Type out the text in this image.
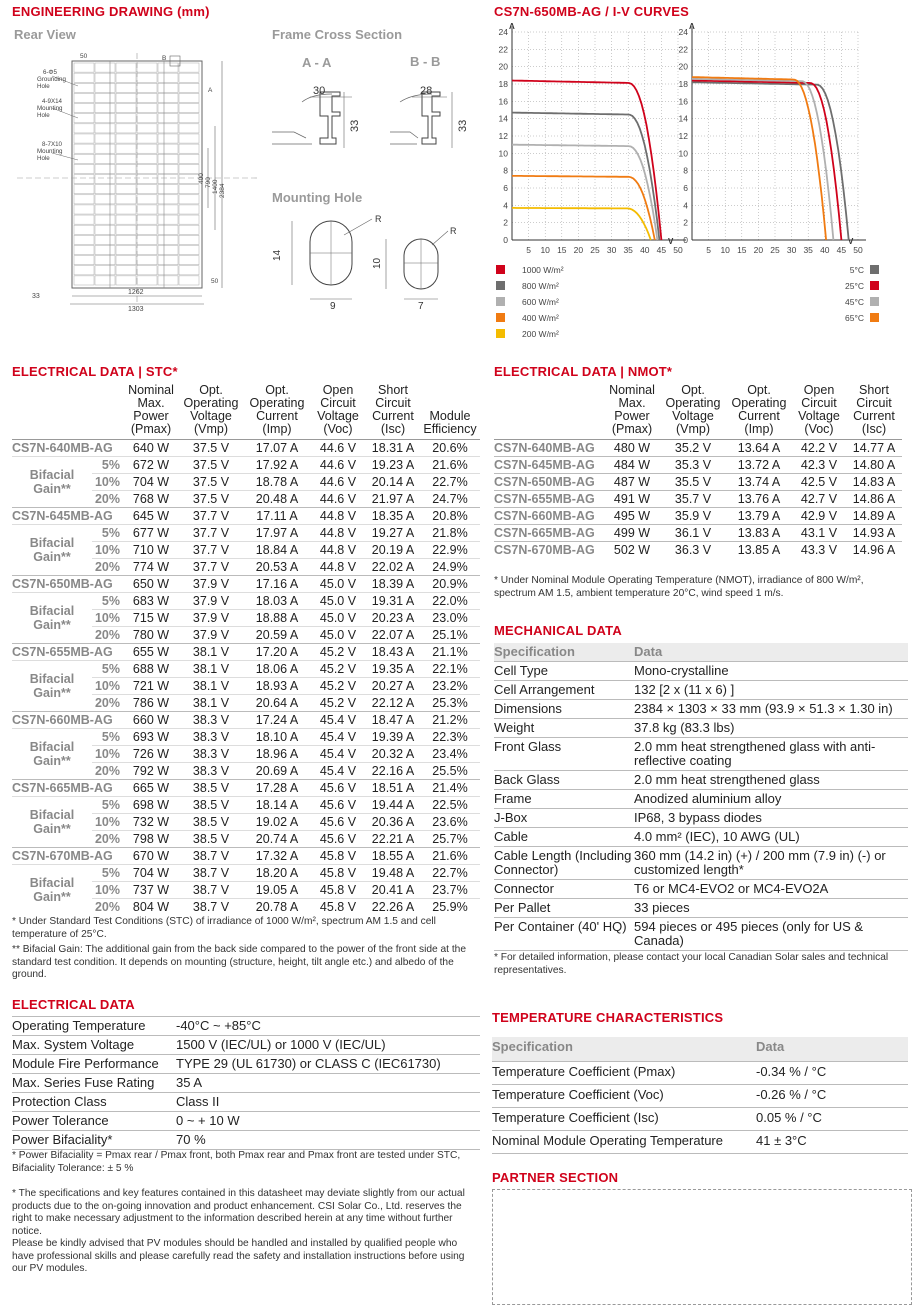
ENGINEERING DRAWING (mm)	CS7N-650MB-AG / I-V CURVES
Rear View	Frame Cross Section
A - A	B - B
Mounting Hole
50	B
A
33
1262
1303
50
2384
1400
790
400
6-Φ5
Grounding
Hole
4-9X14
Mounting
Hole
8-7X10
Mounting
Hole
30
33
28
33
14
9
R
10
7
R
0
2
4
6
8
10
12
14
16
18
20
22
24
5 10 15 20 25 30 35 40 45 50
A
V
1000 W/m²
800 W/m²
600 W/m²
400 W/m²
200 W/m²
0
2
4
6
8
10
12
14
16
18
20
22
24
5 10 15 20 25 30 35 40 45 50
A
V
5°C
25°C
45°C
65°C
ELECTRICAL DATA | STC*
		Nominal
Max.
Power
(Pmax)	Opt.
Operating
Voltage
(Vmp)	Opt.
Operating
Current
(Imp)	Open
Circuit
Voltage
(Voc)	Short
Circuit
Current
(Isc)	Module
Efficiency
CS7N-640MB-AG		640 W	37.5 V	17.07 A	44.6 V	18.31 A	20.6%
Bifacial
Gain**	5%	672 W	37.5 V	17.92 A	44.6 V	19.23 A	21.6%
	10%	704 W	37.5 V	18.78 A	44.6 V	20.14 A	22.7%
	20%	768 W	37.5 V	20.48 A	44.6 V	21.97 A	24.7%
CS7N-645MB-AG		645 W	37.7 V	17.11 A	44.8 V	18.35 A	20.8%
Bifacial
Gain**	5%	677 W	37.7 V	17.97 A	44.8 V	19.27 A	21.8%
	10%	710 W	37.7 V	18.84 A	44.8 V	20.19 A	22.9%
	20%	774 W	37.7 V	20.53 A	44.8 V	22.02 A	24.9%
CS7N-650MB-AG		650 W	37.9 V	17.16 A	45.0 V	18.39 A	20.9%
Bifacial
Gain**	5%	683 W	37.9 V	18.03 A	45.0 V	19.31 A	22.0%
	10%	715 W	37.9 V	18.88 A	45.0 V	20.23 A	23.0%
	20%	780 W	37.9 V	20.59 A	45.0 V	22.07 A	25.1%
CS7N-655MB-AG		655 W	38.1 V	17.20 A	45.2 V	18.43 A	21.1%
Bifacial
Gain**	5%	688 W	38.1 V	18.06 A	45.2 V	19.35 A	22.1%
	10%	721 W	38.1 V	18.93 A	45.2 V	20.27 A	23.2%
	20%	786 W	38.1 V	20.64 A	45.2 V	22.12 A	25.3%
CS7N-660MB-AG		660 W	38.3 V	17.24 A	45.4 V	18.47 A	21.2%
Bifacial
Gain**	5%	693 W	38.3 V	18.10 A	45.4 V	19.39 A	22.3%
	10%	726 W	38.3 V	18.96 A	45.4 V	20.32 A	23.4%
	20%	792 W	38.3 V	20.69 A	45.4 V	22.16 A	25.5%
CS7N-665MB-AG		665 W	38.5 V	17.28 A	45.6 V	18.51 A	21.4%
Bifacial
Gain**	5%	698 W	38.5 V	18.14 A	45.6 V	19.44 A	22.5%
	10%	732 W	38.5 V	19.02 A	45.6 V	20.36 A	23.6%
	20%	798 W	38.5 V	20.74 A	45.6 V	22.21 A	25.7%
CS7N-670MB-AG		670 W	38.7 V	17.32 A	45.8 V	18.55 A	21.6%
Bifacial
Gain**	5%	704 W	38.7 V	18.20 A	45.8 V	19.48 A	22.7%
	10%	737 W	38.7 V	19.05 A	45.8 V	20.41 A	23.7%
	20%	804 W	38.7 V	20.78 A	45.8 V	22.26 A	25.9%
* Under Standard Test Conditions (STC) of irradiance of 1000 W/m², spectrum AM 1.5 and cell temperature of 25°C.
** Bifacial Gain: The additional gain from the back side compared to the power of the front side at the standard test condition. It depends on mounting (structure, height, tilt angle etc.) and albedo of the ground.
ELECTRICAL DATA | NMOT*
	Nominal
Max.
Power
(Pmax)	Opt.
Operating
Voltage
(Vmp)	Opt.
Operating
Current
(Imp)	Open
Circuit
Voltage
(Voc)	Short
Circuit
Current
(Isc)
CS7N-640MB-AG	480 W	35.2 V	13.64 A	42.2 V	14.77 A
CS7N-645MB-AG	484 W	35.3 V	13.72 A	42.3 V	14.80 A
CS7N-650MB-AG	487 W	35.5 V	13.74 A	42.5 V	14.83 A
CS7N-655MB-AG	491 W	35.7 V	13.76 A	42.7 V	14.86 A
CS7N-660MB-AG	495 W	35.9 V	13.79 A	42.9 V	14.89 A
CS7N-665MB-AG	499 W	36.1 V	13.83 A	43.1 V	14.93 A
CS7N-670MB-AG	502 W	36.3 V	13.85 A	43.3 V	14.96 A
* Under Nominal Module Operating Temperature (NMOT), irradiance of 800 W/m², spectrum AM 1.5, ambient temperature 20°C, wind speed 1 m/s.
MECHANICAL DATA
Specification	Data
Cell Type	Mono-crystalline
Cell Arrangement	132 [2 x (11 x 6) ]
Dimensions	2384 × 1303 × 33 mm (93.9 × 51.3 × 1.30 in)
Weight	37.8 kg (83.3 lbs)
Front Glass	2.0 mm heat strengthened glass with anti-reflective coating
Back Glass	2.0 mm heat strengthened glass
Frame	Anodized aluminium alloy
J-Box	IP68, 3 bypass diodes
Cable	4.0 mm² (IEC), 10 AWG (UL)
Cable Length (Including Connector)	360 mm (14.2 in) (+) / 200 mm (7.9 in) (-) or customized length*
Connector	T6 or MC4-EVO2 or MC4-EVO2A
Per Pallet	33 pieces
Per Container (40' HQ)	594 pieces or 495 pieces (only for US & Canada)
* For detailed information, please contact your local Canadian Solar sales and technical representatives.
ELECTRICAL DATA
Operating Temperature	-40°C ~ +85°C
Max. System Voltage	1500 V (IEC/UL) or 1000 V (IEC/UL)
Module Fire Performance	TYPE 29 (UL 61730) or CLASS C (IEC61730)
Max. Series Fuse Rating	35 A
Protection Class	Class II
Power Tolerance	0 ~ + 10 W
Power Bifaciality*	70 %
* Power Bifaciality = Pmax rear / Pmax front, both Pmax rear and Pmax front are tested under STC, Bifaciality Tolerance: ± 5 %
* The specifications and key features contained in this datasheet may deviate slightly from our actual products due to the on-going innovation and product enhancement. CSI Solar Co., Ltd. reserves the right to make necessary adjustment to the information described herein at any time without further notice.
Please be kindly advised that PV modules should be handled and installed by qualified people who have professional skills and please carefully read the safety and installation instructions before using our PV modules.
TEMPERATURE CHARACTERISTICS
Specification	Data
Temperature Coefficient (Pmax)	-0.34 % / °C
Temperature Coefficient (Voc)	-0.26 % / °C
Temperature Coefficient (Isc)	0.05 % / °C
Nominal Module Operating Temperature	41 ± 3°C
PARTNER SECTION
